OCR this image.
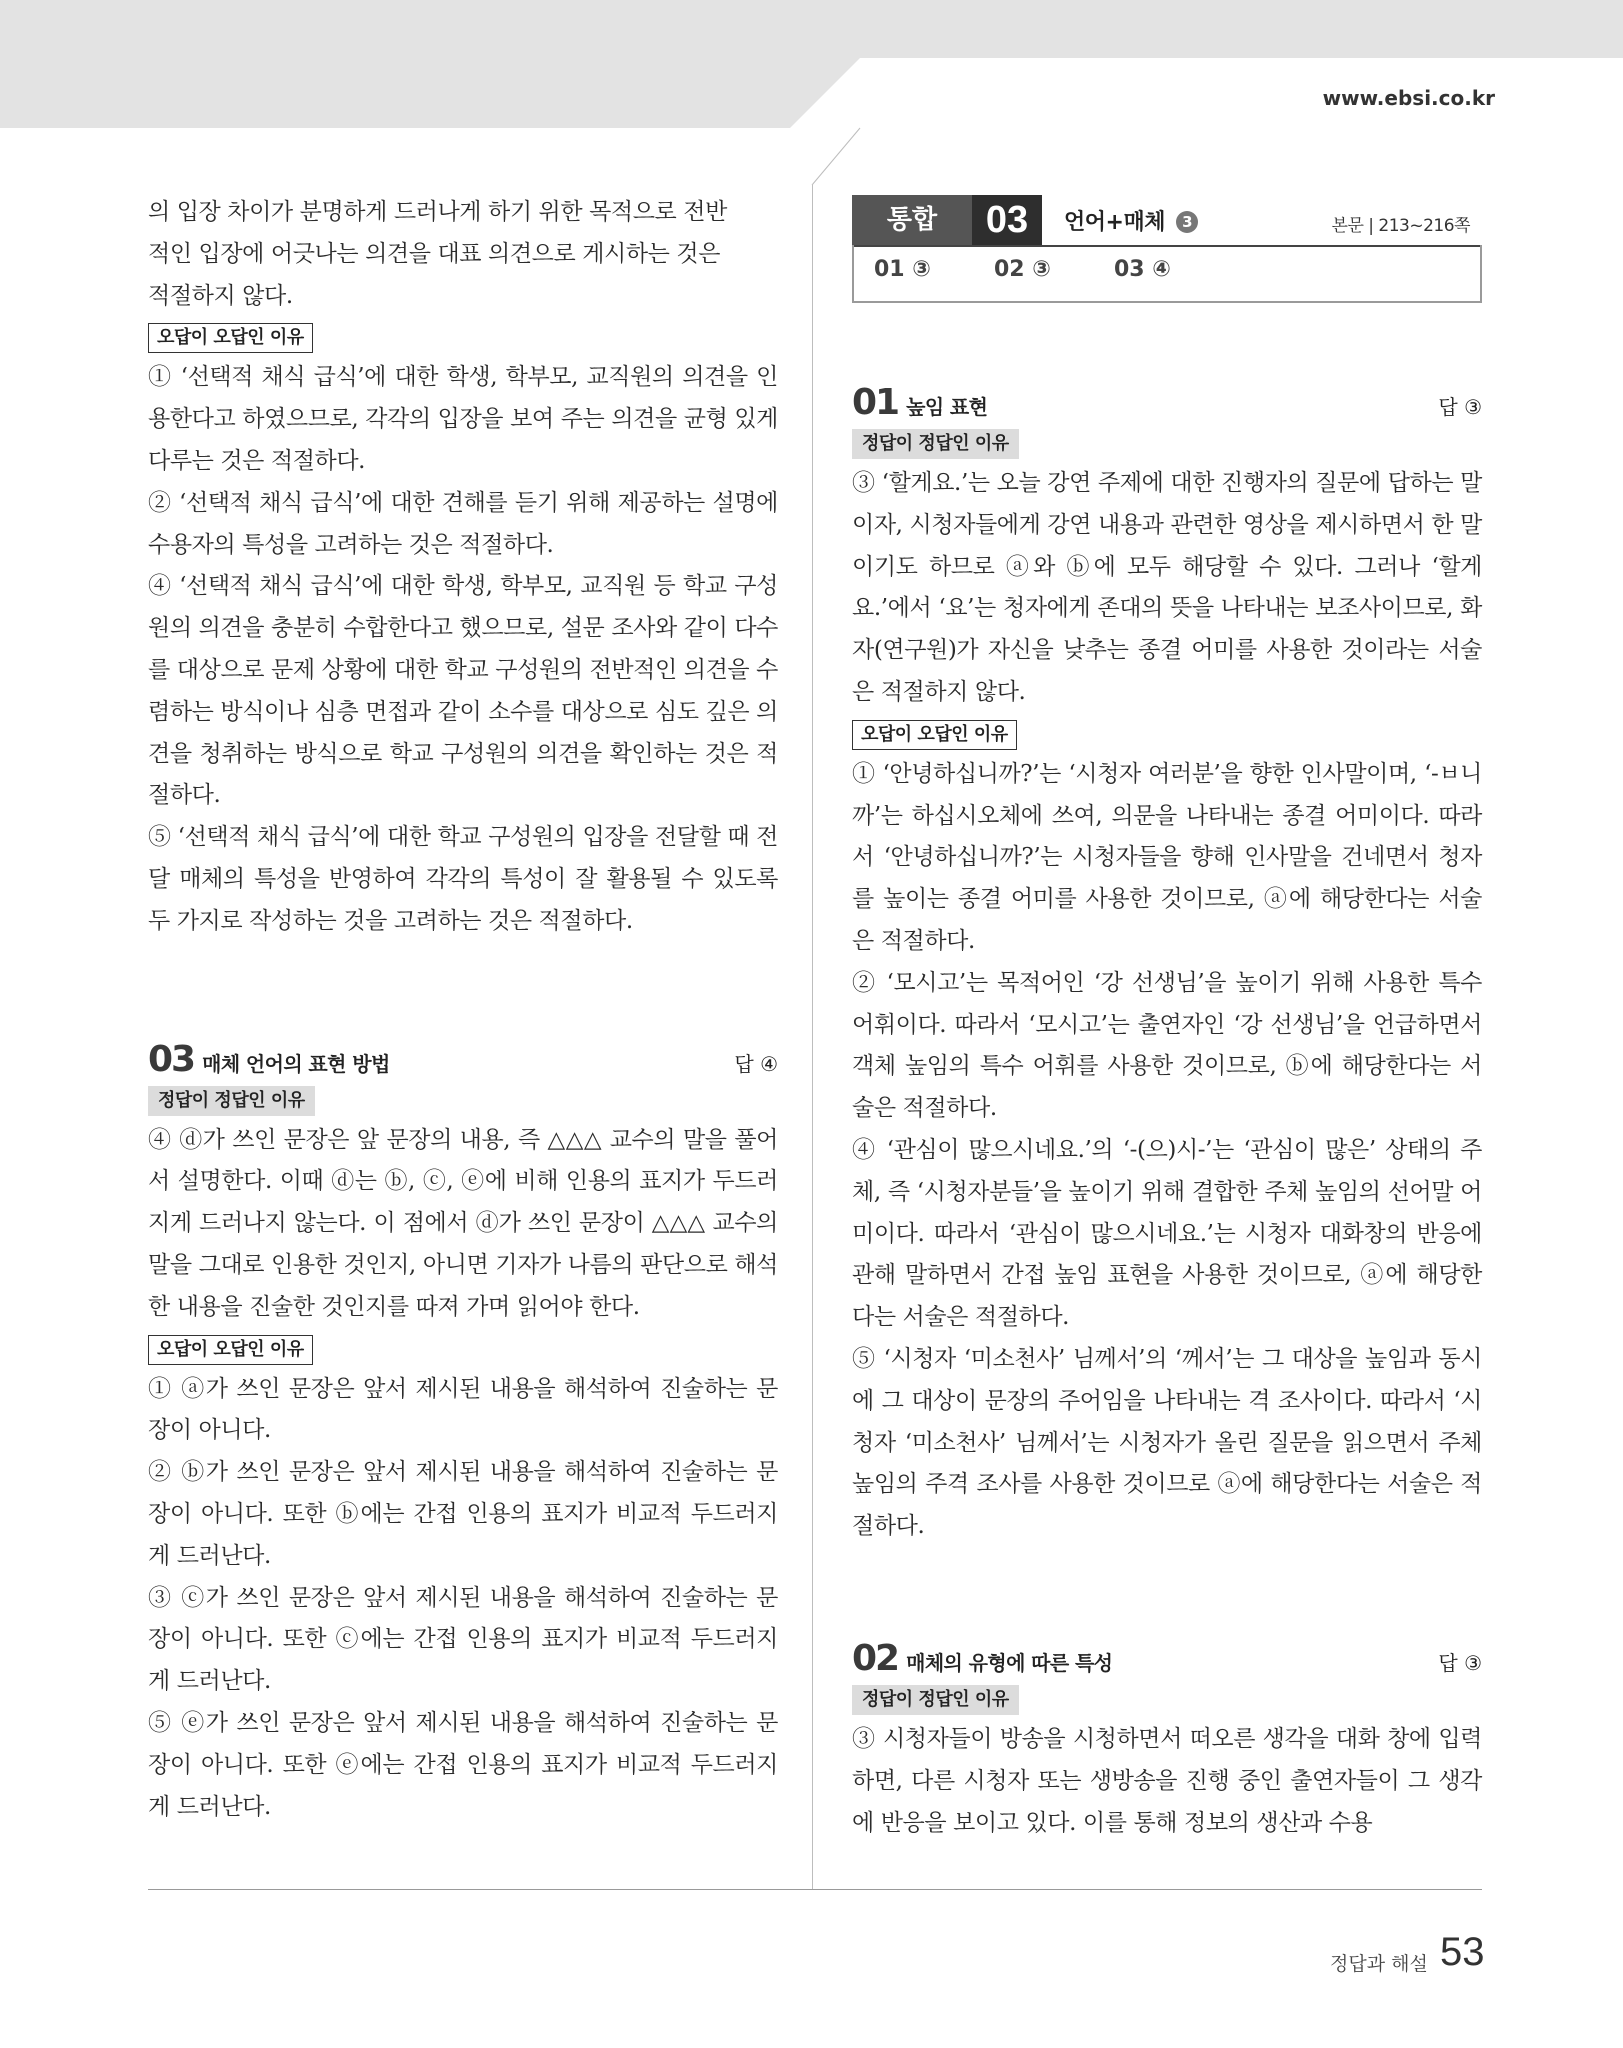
www.ebsi.co.kr

의 입장 차이가 분명하게 드러나게 하기 위한 목적으로 전반

적인 입장에 어긋나는 의견을 대표 의견으로 게시하는 것은

적절하지 않다.

오답이 오답인 이유

① ‘선택적 채식 급식’에 대한 학생, 학부모, 교직원의 의견을 인용한다고 하였으므로, 각각의 입장을 보여 주는 의견을 균형 있게 다루는 것은 적절하다.

② ‘선택적 채식 급식’에 대한 견해를 듣기 위해 제공하는 설명에 수용자의 특성을 고려하는 것은 적절하다.

④ ‘선택적 채식 급식’에 대한 학생, 학부모, 교직원 등 학교 구성원의 의견을 충분히 수합한다고 했으므로, 설문 조사와 같이 다수를 대상으로 문제 상황에 대한 학교 구성원의 전반적인 의견을 수렴하는 방식이나 심층 면접과 같이 소수를 대상으로 심도 깊은 의견을 청취하는 방식으로 학교 구성원의 의견을 확인하는 것은 적절하다.

⑤ ‘선택적 채식 급식’에 대한 학교 구성원의 입장을 전달할 때 전달 매체의 특성을 반영하여 각각의 특성이 잘 활용될 수 있도록 두 가지로 작성하는 것을 고려하는 것은 적절하다.

03 매체 언어의 표현 방법	답 ④
정답이 정답인 이유

④ ⓓ가 쓰인 문장은 앞 문장의 내용, 즉 △△△ 교수의 말을 풀어서 설명한다. 이때 ⓓ는 ⓑ, ⓒ, ⓔ에 비해 인용의 표지가 두드러지게 드러나지 않는다. 이 점에서 ⓓ가 쓰인 문장이 △△△ 교수의 말을 그대로 인용한 것인지, 아니면 기자가 나름의 판단으로 해석한 내용을 진술한 것인지를 따져 가며 읽어야 한다.

오답이 오답인 이유

① ⓐ가 쓰인 문장은 앞서 제시된 내용을 해석하여 진술하는 문장이 아니다.

② ⓑ가 쓰인 문장은 앞서 제시된 내용을 해석하여 진술하는 문장이 아니다. 또한 ⓑ에는 간접 인용의 표지가 비교적 두드러지게 드러난다.

③ ⓒ가 쓰인 문장은 앞서 제시된 내용을 해석하여 진술하는 문장이 아니다. 또한 ⓒ에는 간접 인용의 표지가 비교적 두드러지게 드러난다.

⑤ ⓔ가 쓰인 문장은 앞서 제시된 내용을 해석하여 진술하는 문장이 아니다. 또한 ⓔ에는 간접 인용의 표지가 비교적 두드러지게 드러난다.

통합	03	언어+매체 3	본문 | 213~216쪽
01 ③	02 ③	03 ④
01 높임 표현	답 ③
정답이 정답인 이유

③ ‘할게요.’는 오늘 강연 주제에 대한 진행자의 질문에 답하는 말이자, 시청자들에게 강연 내용과 관련한 영상을 제시하면서 한 말이기도 하므로 ⓐ와 ⓑ에 모두 해당할 수 있다. 그러나 ‘할게요.’에서 ‘요’는 청자에게 존대의 뜻을 나타내는 보조사이므로, 화자(연구원)가 자신을 낮추는 종결 어미를 사용한 것이라는 서술은 적절하지 않다.

오답이 오답인 이유

① ‘안녕하십니까?’는 ‘시청자 여러분’을 향한 인사말이며, ‘-ㅂ니까’는 하십시오체에 쓰여, 의문을 나타내는 종결 어미이다. 따라서 ‘안녕하십니까?’는 시청자들을 향해 인사말을 건네면서 청자를 높이는 종결 어미를 사용한 것이므로, ⓐ에 해당한다는 서술은 적절하다.

② ‘모시고’는 목적어인 ‘강 선생님’을 높이기 위해 사용한 특수 어휘이다. 따라서 ‘모시고’는 출연자인 ‘강 선생님’을 언급하면서 객체 높임의 특수 어휘를 사용한 것이므로, ⓑ에 해당한다는 서술은 적절하다.

④ ‘관심이 많으시네요.’의 ‘-(으)시-’는 ‘관심이 많은’ 상태의 주체, 즉 ‘시청자분들’을 높이기 위해 결합한 주체 높임의 선어말 어미이다. 따라서 ‘관심이 많으시네요.’는 시청자 대화창의 반응에 관해 말하면서 간접 높임 표현을 사용한 것이므로, ⓐ에 해당한다는 서술은 적절하다.

⑤ ‘시청자 ‘미소천사’ 님께서’의 ‘께서’는 그 대상을 높임과 동시에 그 대상이 문장의 주어임을 나타내는 격 조사이다. 따라서 ‘시청자 ‘미소천사’ 님께서’는 시청자가 올린 질문을 읽으면서 주체 높임의 주격 조사를 사용한 것이므로 ⓐ에 해당한다는 서술은 적절하다.

02 매체의 유형에 따른 특성	답 ③
정답이 정답인 이유

③ 시청자들이 방송을 시청하면서 떠오른 생각을 대화 창에 입력하면, 다른 시청자 또는 생방송을 진행 중인 출연자들이 그 생각에 반응을 보이고 있다. 이를 통해 정보의 생산과 수용

정답과 해설 53
